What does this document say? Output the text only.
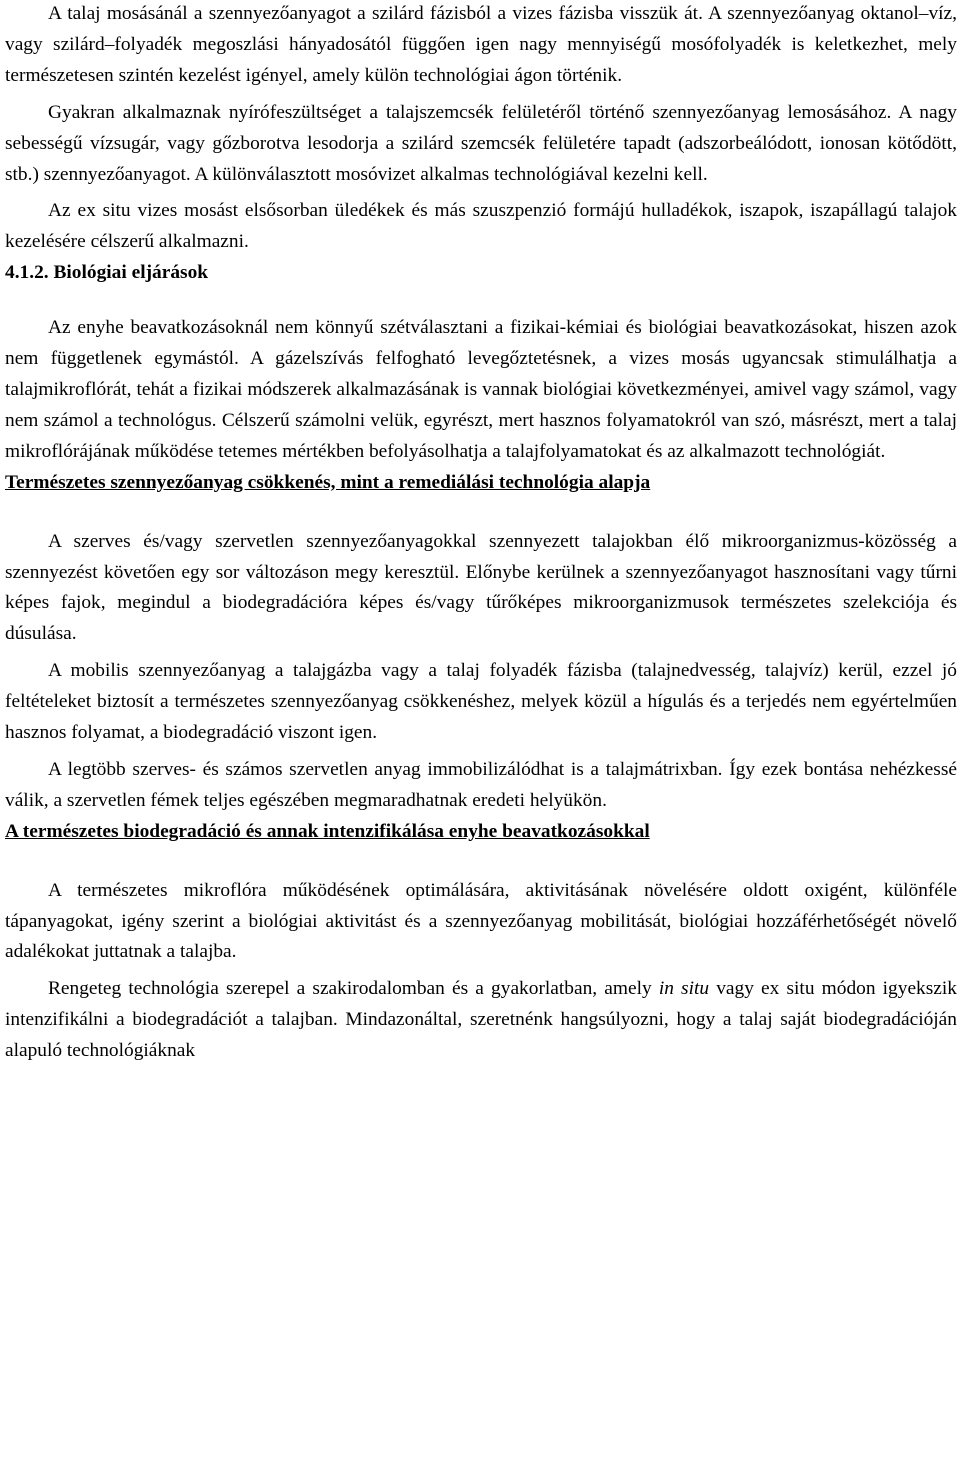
A talaj mosásánál a szennyezőanyagot a szilárd fázisból a vizes fázisba visszük át. A szennyezőanyag oktanol–víz, vagy szilárd–folyadék megoszlási hányadosától függően igen nagy mennyiségű mosófolyadék is keletkezhet, mely természetesen szintén kezelést igényel, amely külön technológiai ágon történik.

Gyakran alkalmaznak nyírófeszültséget a talajszemcsék felületéről történő szennyezőanyag lemosásához. A nagy sebességű vízsugár, vagy gőzborotva lesodorja a szilárd szemcsék felületére tapadt (adszorbeálódott, ionosan kötődött, stb.) szennyezőanyagot. A különválasztott mosóvizet alkalmas technológiával kezelni kell.

Az ex situ vizes mosást elsősorban üledékek és más szuszpenzió formájú hulladékok, iszapok, iszapállagú talajok kezelésére célszerű alkalmazni.

4.1.2. Biológiai eljárások

Az enyhe beavatkozásoknál nem könnyű szétválasztani a fizikai-kémiai és biológiai beavatkozásokat, hiszen azok nem függetlenek egymástól. A gázelszívás felfogható levegőztetésnek, a vizes mosás ugyancsak stimulálhatja a talajmikroflórát, tehát a fizikai módszerek alkalmazásának is vannak biológiai következményei, amivel vagy számol, vagy nem számol a technológus. Célszerű számolni velük, egyrészt, mert hasznos folyamatokról van szó, másrészt, mert a talaj mikroflórájának működése tetemes mértékben befolyásolhatja a talajfolyamatokat és az alkalmazott technológiát.

Természetes szennyezőanyag csökkenés, mint a remediálási technológia alapja

A szerves és/vagy szervetlen szennyezőanyagokkal szennyezett talajokban élő mikroorganizmus-közösség a szennyezést követően egy sor változáson megy keresztül. Előnybe kerülnek a szennyezőanyagot hasznosítani vagy tűrni képes fajok, megindul a biodegradációra képes és/vagy tűrőképes mikroorganizmusok természetes szelekciója és dúsulása.

A mobilis szennyezőanyag a talajgázba vagy a talaj folyadék fázisba (talajnedvesség, talajvíz) kerül, ezzel jó feltételeket biztosít a természetes szennyezőanyag csökkenéshez, melyek közül a hígulás és a terjedés nem egyértelműen hasznos folyamat, a biodegradáció viszont igen.

A legtöbb szerves- és számos szervetlen anyag immobilizálódhat is a talajmátrixban. Így ezek bontása nehézkessé válik, a szervetlen fémek teljes egészében megmaradhatnak eredeti helyükön.

A természetes biodegradáció és annak intenzifikálása enyhe beavatkozásokkal

A természetes mikroflóra működésének optimálására, aktivitásának növelésére oldott oxigént, különféle tápanyagokat, igény szerint a biológiai aktivitást és a szennyezőanyag mobilitását, biológiai hozzáférhetőségét növelő adalékokat juttatnak a talajba.

Rengeteg technológia szerepel a szakirodalomban és a gyakorlatban, amely in situ vagy ex situ módon igyekszik intenzifikálni a biodegradációt a talajban. Mindazonáltal, szeretnénk hangsúlyozni, hogy a talaj saját biodegradációján alapuló technológiáknak
